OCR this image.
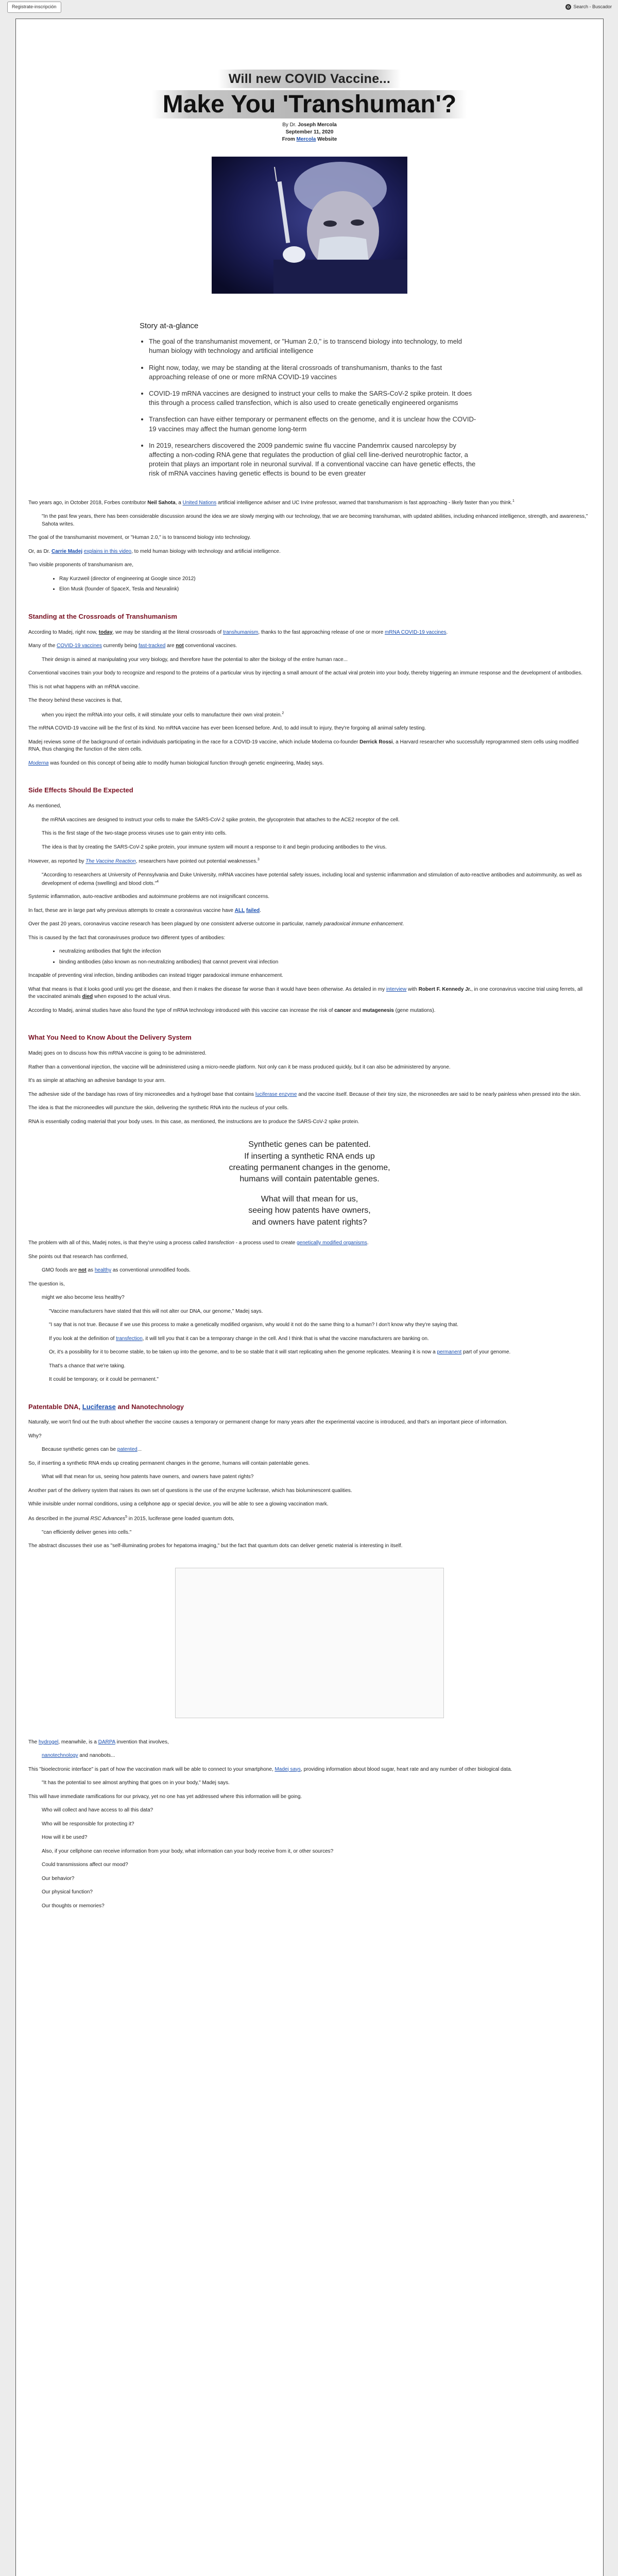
Registrate-inscripción	Search - Buscador
Will new COVID Vaccine...
Make You 'Transhuman'?
By Dr. Joseph Mercola
September 11, 2020
From Mercola Website
Story at-a-glance
• The goal of the transhumanist movement, or "Human 2.0," is to transcend biology into technology, to meld human biology with technology and artificial intelligence
• Right now, today, we may be standing at the literal crossroads of transhumanism, thanks to the fast approaching release of one or more mRNA COVID-19 vaccines
• COVID-19 mRNA vaccines are designed to instruct your cells to make the SARS-CoV-2 spike protein. It does this through a process called transfection, which is also used to create genetically engineered organisms
• Transfection can have either temporary or permanent effects on the genome, and it is unclear how the COVID-19 vaccines may affect the human genome long-term
• In 2019, researchers discovered the 2009 pandemic swine flu vaccine Pandemrix caused narcolepsy by affecting a non-coding RNA gene that regulates the production of glial cell line-derived neurotrophic factor, a protein that plays an important role in neuronal survival. If a conventional vaccine can have genetic effects, the risk of mRNA vaccines having genetic effects is bound to be even greater

Two years ago, in October 2018, Forbes contributor Neil Sahota, a United Nations artificial intelligence adviser and UC Irvine professor, warned that transhumanism is fast approaching - likely faster than you think.$^1$

"In the past few years, there has been considerable discussion around the idea we are slowly merging with our technology, that we are becoming transhuman, with updated abilities, including enhanced intelligence, strength, and awareness," Sahota writes.

The goal of the transhumanist movement, or "Human 2.0," is to transcend biology into technology.

Or, as Dr. Carrie Madej explains in this video, to meld human biology with technology and artificial intelligence.

Two visible proponents of transhumanism are,

• Ray Kurzweil (director of engineering at Google since 2012)
• Elon Musk (founder of SpaceX, Tesla and Neuralink)
Standing at the Crossroads of Transhumanism

According to Madej, right now, today, we may be standing at the literal crossroads of transhumanism, thanks to the fast approaching release of one or more mRNA COVID-19 vaccines.

Many of the COVID-19 vaccines currently being fast-tracked are not conventional vaccines.

Their design is aimed at manipulating your very biology, and therefore have the potential to alter the biology of the entire human race...

Conventional vaccines train your body to recognize and respond to the proteins of a particular virus by injecting a small amount of the actual viral protein into your body, thereby triggering an immune response and the development of antibodies.

This is not what happens with an mRNA vaccine.

The theory behind these vaccines is that,

when you inject the mRNA into your cells, it will stimulate your cells to manufacture their own viral protein.$^2$

The mRNA COVID-19 vaccine will be the first of its kind. No mRNA vaccine has ever been licensed before. And, to add insult to injury, they're forgoing all animal safety testing.

Madej reviews some of the background of certain individuals participating in the race for a COVID-19 vaccine, which include Moderna co-founder Derrick Rossi, a Harvard researcher who successfully reprogrammed stem cells using modified RNA, thus changing the function of the stem cells.

Moderna was founded on this concept of being able to modify human biological function through genetic engineering, Madej says.

Side Effects Should Be Expected

As mentioned,

the mRNA vaccines are designed to instruct your cells to make the SARS-CoV-2 spike protein, the glycoprotein that attaches to the ACE2 receptor of the cell.

This is the first stage of the two-stage process viruses use to gain entry into cells.

The idea is that by creating the SARS-CoV-2 spike protein, your immune system will mount a response to it and begin producing antibodies to the virus.

However, as reported by The Vaccine Reaction, researchers have pointed out potential weaknesses.$^3$

"According to researchers at University of Pennsylvania and Duke University, mRNA vaccines have potential safety issues, including local and systemic inflammation and stimulation of auto-reactive antibodies and autoimmunity, as well as development of edema (swelling) and blood clots."$^4$

Systemic inflammation, auto-reactive antibodies and autoimmune problems are not insignificant concerns.

In fact, these are in large part why previous attempts to create a coronavirus vaccine have ALL failed.

Over the past 20 years, coronavirus vaccine research has been plagued by one consistent adverse outcome in particular, namely paradoxical immune enhancement.

This is caused by the fact that coronaviruses produce two different types of antibodies:

• neutralizing antibodies that fight the infection
• binding antibodies (also known as non-neutralizing antibodies) that cannot prevent viral infection

Incapable of preventing viral infection, binding antibodies can instead trigger paradoxical immune enhancement.

What that means is that it looks good until you get the disease, and then it makes the disease far worse than it would have been otherwise. As detailed in my interview with Robert F. Kennedy Jr., in one coronavirus vaccine trial using ferrets, all the vaccinated animals died when exposed to the actual virus.

According to Madej, animal studies have also found the type of mRNA technology introduced with this vaccine can increase the risk of cancer and mutagenesis (gene mutations).

What You Need to Know About the Delivery System

Madej goes on to discuss how this mRNA vaccine is going to be administered.

Rather than a conventional injection, the vaccine will be administered using a micro-needle platform. Not only can it be mass produced quickly, but it can also be administered by anyone.

It's as simple at attaching an adhesive bandage to your arm.

The adhesive side of the bandage has rows of tiny microneedles and a hydrogel base that contains luciferase enzyme and the vaccine itself. Because of their tiny size, the microneedles are said to be nearly painless when pressed into the skin.

The idea is that the microneedles will puncture the skin, delivering the synthetic RNA into the nucleus of your cells.

RNA is essentially coding material that your body uses. In this case, as mentioned, the instructions are to produce the SARS-CoV-2 spike protein.

Synthetic genes can be patented.
If inserting a synthetic RNA ends up
creating permanent changes in the genome,
humans will contain patentable genes.
What will that mean for us,
seeing how patents have owners,
and owners have patent rights?

The problem with all of this, Madej notes, is that they're using a process called transfection - a process used to create genetically modified organisms.

She points out that research has confirmed,

GMO foods are not as healthy as conventional unmodified foods.

The question is,

might we also become less healthy?

"Vaccine manufacturers have stated that this will not alter our DNA, our genome," Madej says.

"I say that is not true. Because if we use this process to make a genetically modified organism, why would it not do the same thing to a human? I don't know why they're saying that.

If you look at the definition of transfection, it will tell you that it can be a temporary change in the cell. And I think that is what the vaccine manufacturers are banking on.

Or, it's a possibility for it to become stable, to be taken up into the genome, and to be so stable that it will start replicating when the genome replicates. Meaning it is now a permanent part of your genome.

That's a chance that we're taking.

It could be temporary, or it could be permanent."

Patentable DNA, Luciferase and Nanotechnology

Naturally, we won't find out the truth about whether the vaccine causes a temporary or permanent change for many years after the experimental vaccine is introduced, and that's an important piece of information.

Why?

Because synthetic genes can be patented...

So, if inserting a synthetic RNA ends up creating permanent changes in the genome, humans will contain patentable genes.

What will that mean for us, seeing how patents have owners, and owners have patent rights?

Another part of the delivery system that raises its own set of questions is the use of the enzyme luciferase, which has bioluminescent qualities.

While invisible under normal conditions, using a cellphone app or special device, you will be able to see a glowing vaccination mark.

As described in the journal RSC Advances$^5$ in 2015, luciferase gene loaded quantum dots,

"can efficiently deliver genes into cells."

The abstract discusses their use as "self-illuminating probes for hepatoma imaging," but the fact that quantum dots can deliver genetic material is interesting in itself.

The hydrogel, meanwhile, is a DARPA invention that involves,

nanotechnology and nanobots...

This "bioelectronic interface" is part of how the vaccination mark will be able to connect to your smartphone, Madej says, providing information about blood sugar, heart rate and any number of other biological data.

"It has the potential to see almost anything that goes on in your body," Madej says.

This will have immediate ramifications for our privacy, yet no one has yet addressed where this information will be going.

Who will collect and have access to all this data?

Who will be responsible for protecting it?

How will it be used?

Also, if your cellphone can receive information from your body, what information can your body receive from it, or other sources?

Could transmissions affect our mood?

Our behavior?

Our physical function?

Our thoughts or memories?
